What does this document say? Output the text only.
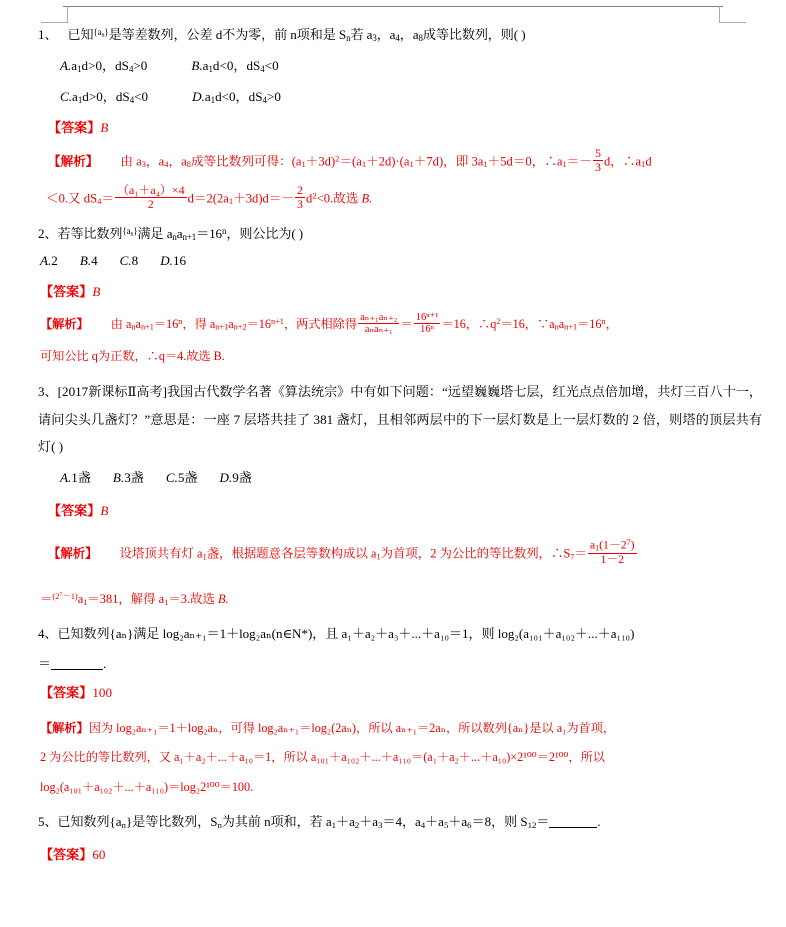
1、 已知$^{\{a_n\}}$是等差数列，公差 d不为零，前 n项和是 $S_n$若 $a_3$，$a_4$，$a_8$成等比数列，则( )
$A.a_1d>0$，$dS_4>0$	$B.a_1d<0$，$dS_4<0$
$C.a_1d>0$，$dS_4<0$	$D.a_1d<0$，$dS_4>0$
【答案】B
【解析】 由 $a_3$，$a_4$，$a_8$成等比数列可得：$(a_1+3d)^2=(a_1+2d)\cdot(a_1+7d)$，即 $3a_1+5d=0$，$\therefore a_1=- \frac{5}{3}$ d，$\therefore a_1d$
＜0.又 $dS_4= \frac{\text{（a₁＋a₄）×4}}{2} d=2(2a_1+3d)d=- \frac{2}{3} d^2<0$.故选 B.
2、若等比数列$^{\{a_n\}}$满足 $a_na_{n+1}=16^n$，则公比为( )
A.2 B.4 C.8 D.16
【答案】B
【解析】 由 $a_na_{n+1}=16^n$，得 $a_{n+1}a_{n+2}=16^{n+1}$，两式相除得 $\frac{\text{aₙ₊₁aₙ₊₂}}{\text{aₙaₙ₊₁}} = \frac{\text{16ⁿ⁺¹}}{\text{16ⁿ}} =16$，$\therefore q^2=16$，$\because a_na_{n+1}=16^n$，
可知公比 q为正数，∴q＝4.故选 B.
3、[2017新课标Ⅱ高考]我国古代数学名著《算法统宗》中有如下问题：“远望巍巍塔七层，红光点点倍加增，共灯三百八十一，请问尖头几盏灯？”意思是：一座 7 层塔共挂了 381 盏灯，且相邻两层中的下一层灯数是上一层灯数的 2 倍，则塔的顶层共有灯( )
A.1盏 B.3盏 C.5盏 D.9盏
【答案】B
【解析】 设塔顶共有灯 $a_1$盏，根据题意各层等数构成以 $a_1$为首项，2 为公比的等比数列，$\therefore S_7= \frac{a_1(1-2^7)}{1-2}$
$=^{(2^7-1)}a_1=381$，解得 $a_1=3$.故选 B.
4、已知数列{aₙ}满足 log₂aₙ₊₁＝1＋log₂aₙ(n∈N*)，且 a₁＋a₂＋a₃＋...＋a₁₀＝1，则 log₂(a₁₀₁＋a₁₀₂＋...＋a₁₁₀)
＝	.
【答案】100
【解析】因为 log₂aₙ₊₁＝1＋log₂aₙ，可得 log₂aₙ₊₁＝log₂(2aₙ)，所以 aₙ₊₁＝2aₙ，所以数列{aₙ}是以 a₁为首项，
2 为公比的等比数列，又 a₁＋a₂＋...＋a₁₀＝1，所以 a₁₀₁＋a₁₀₂＋...＋a₁₁₀＝(a₁＋a₂＋...＋a₁₀)×2¹⁰⁰＝2¹⁰⁰，所以
log₂(a₁₀₁＋a₁₀₂＋...＋a₁₁₀)＝log₂2¹⁰⁰＝100.
5、已知数列$\{a_n\}$是等比数列，$S_n$为其前 n项和，若 $a_1+a_2+a_3=4$，$a_4+a_5+a_6=8$，则 $S_{12}=$	.
【答案】60
